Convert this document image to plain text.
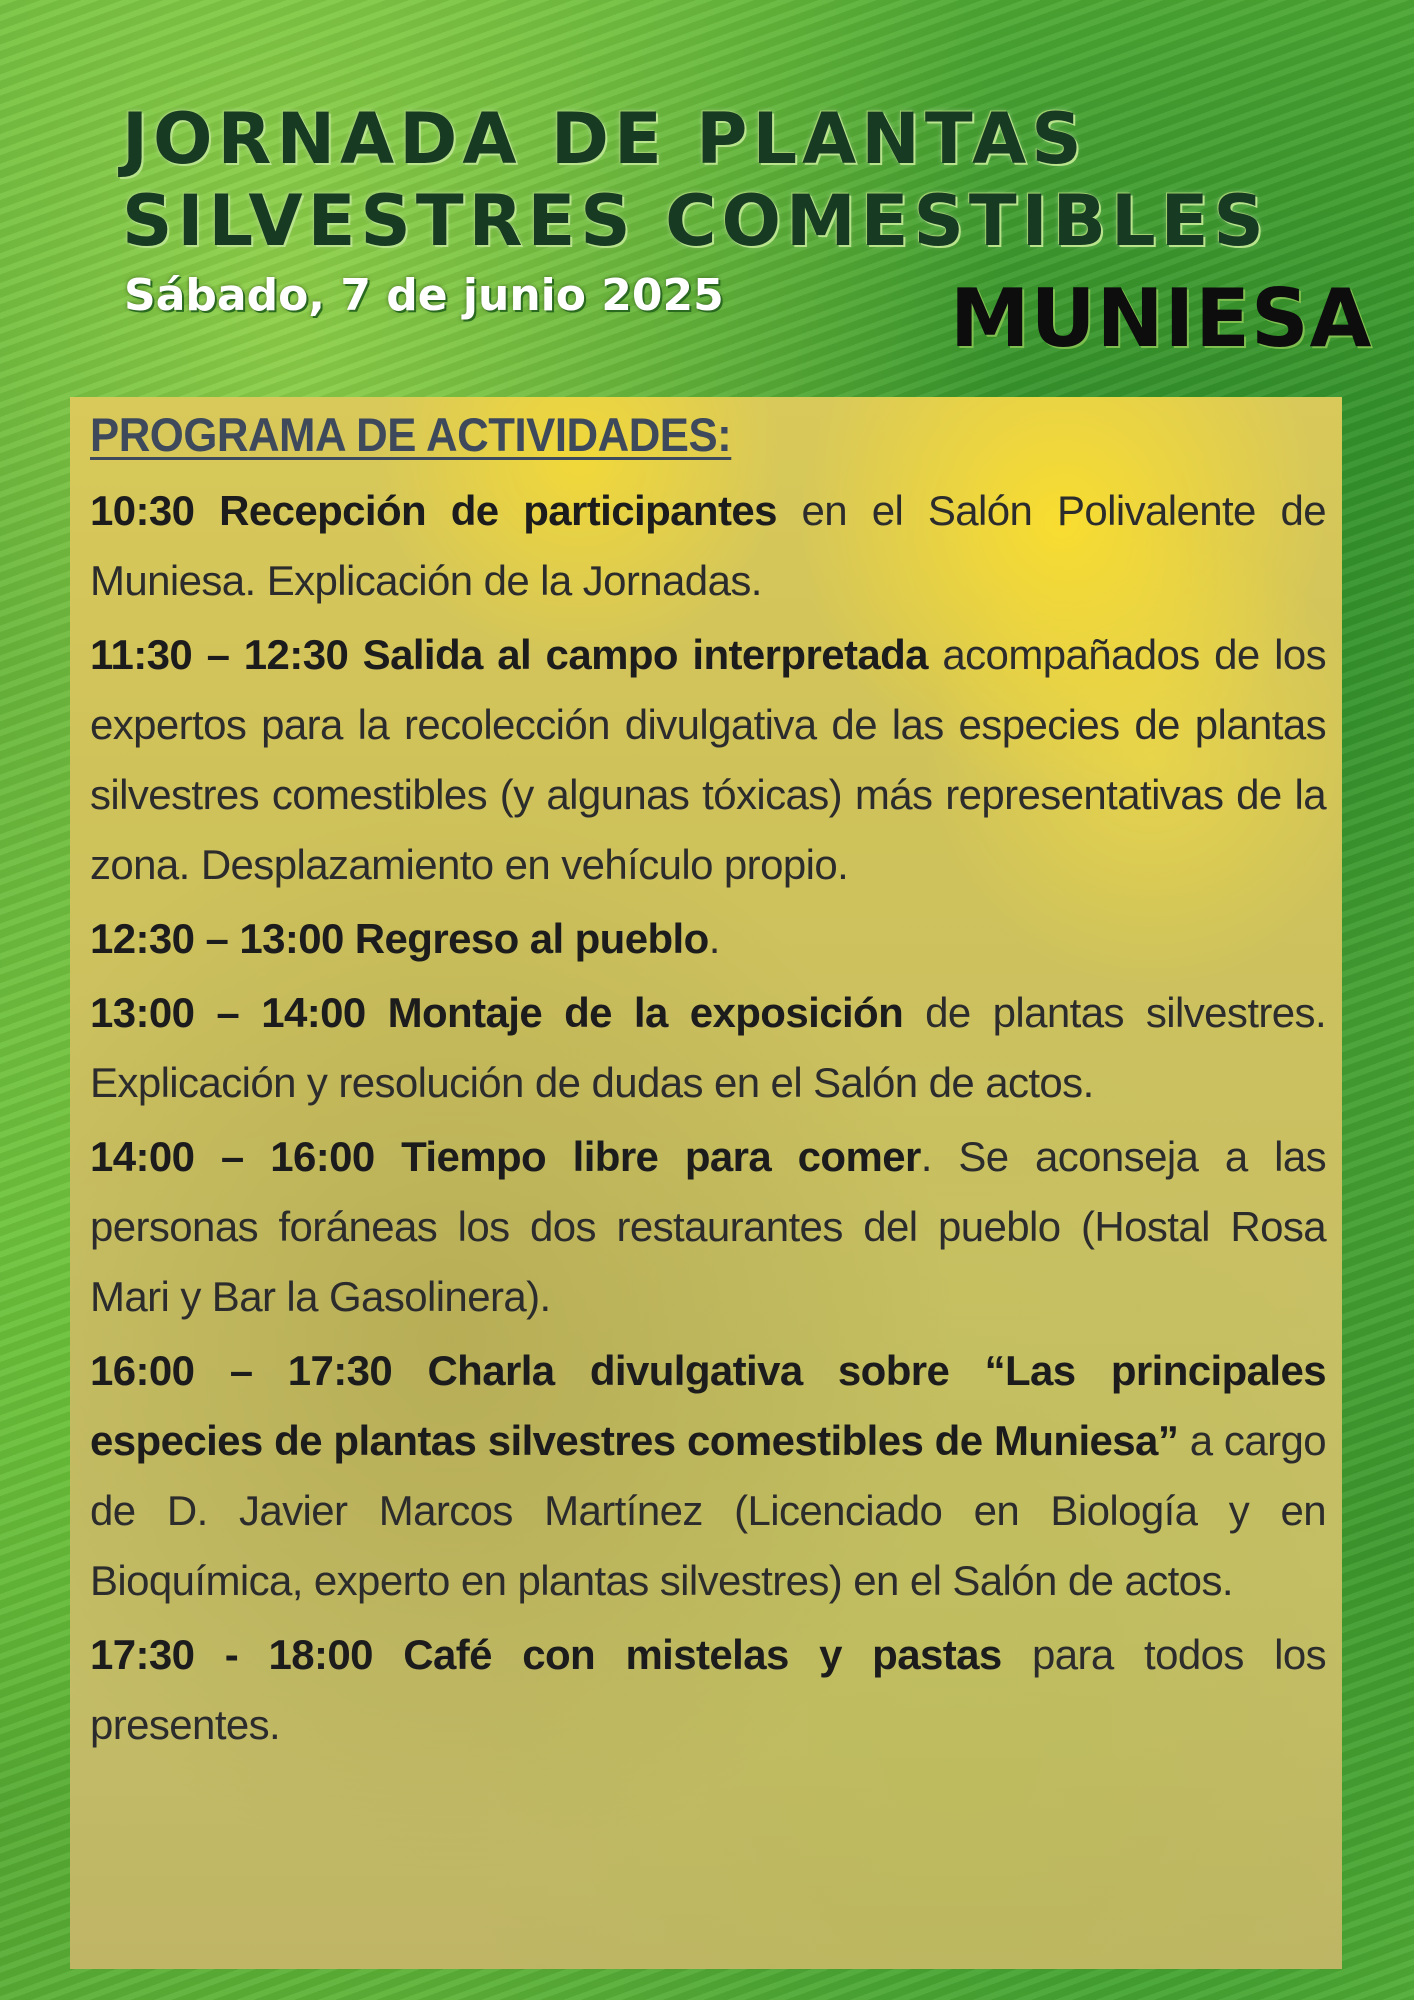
JORNADA DE PLANTAS
SILVESTRES COMESTIBLES
Sábado, 7 de junio 2025	MUNIESA
PROGRAMA DE ACTIVIDADES:

10:30 Recepción de participantes en el Salón Polivalente de Muniesa. Explicación de la Jornadas.

11:30 – 12:30 Salida al campo interpretada acompañados de los expertos para la recolección divulgativa de las especies de plantas silvestres comestibles (y algunas tóxicas) más representativas de la zona. Desplazamiento en vehículo propio.

12:30 – 13:00 Regreso al pueblo.

13:00 – 14:00 Montaje de la exposición de plantas silvestres. Explicación y resolución de dudas en el Salón de actos.

14:00 – 16:00 Tiempo libre para comer. Se aconseja a las personas foráneas los dos restaurantes del pueblo (Hostal Rosa Mari y Bar la Gasolinera).

16:00 – 17:30 Charla divulgativa sobre “Las principales especies de plantas silvestres comestibles de Muniesa” a cargo de D. Javier Marcos Martínez (Licenciado en Biología y en Bioquímica, experto en plantas silvestres) en el Salón de actos.

17:30 - 18:00 Café con mistelas y pastas para todos los presentes.
